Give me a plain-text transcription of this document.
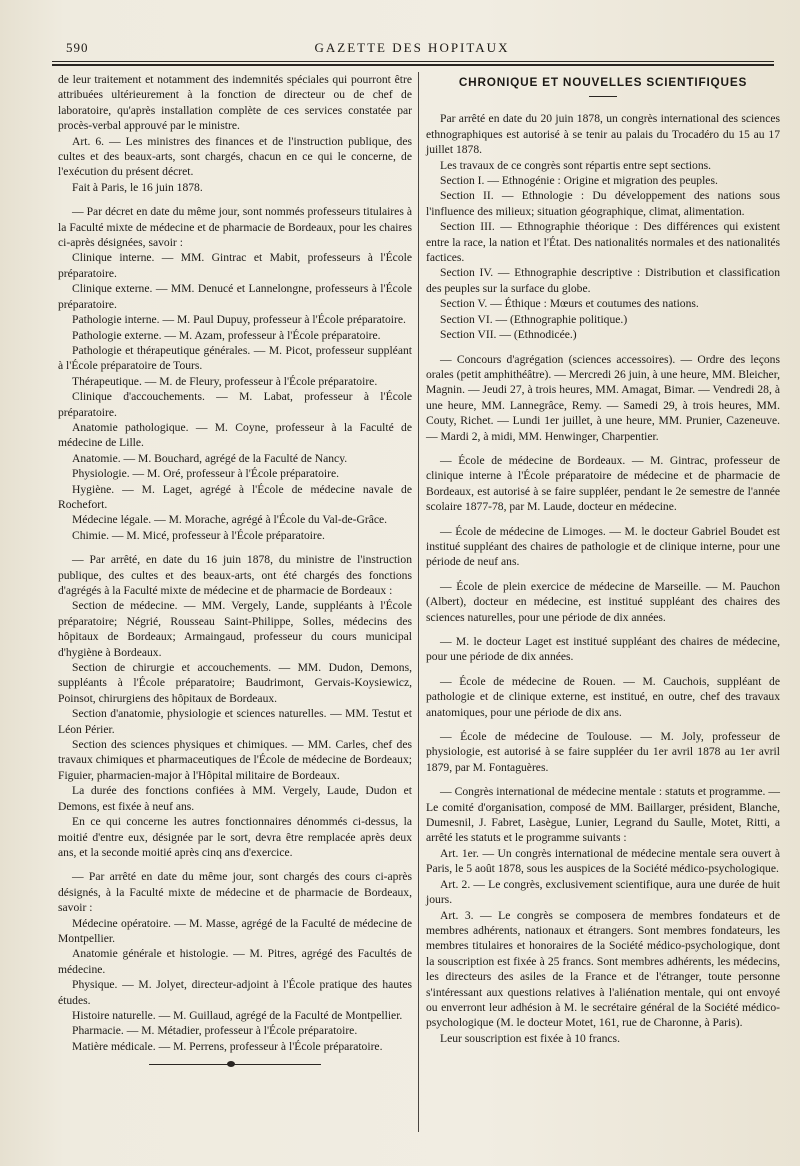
590	GAZETTE DES HOPITAUX

de leur traitement et notamment des indemnités spéciales qui pourront être attribuées ultérieurement à la fonction de directeur ou de chef de laboratoire, qu'après installation complète de ces services constatée par procès-verbal approuvé par le ministre.

Art. 6. — Les ministres des finances et de l'instruction publique, des cultes et des beaux-arts, sont chargés, chacun en ce qui le concerne, de l'exécution du présent décret.

Fait à Paris, le 16 juin 1878.

— Par décret en date du même jour, sont nommés professeurs titulaires à la Faculté mixte de médecine et de pharmacie de Bordeaux, pour les chaires ci-après désignées, savoir :

Clinique interne. — MM. Gintrac et Mabit, professeurs à l'École préparatoire.

Clinique externe. — MM. Denucé et Lannelongne, professeurs à l'École préparatoire.

Pathologie interne. — M. Paul Dupuy, professeur à l'École préparatoire.

Pathologie externe. — M. Azam, professeur à l'École préparatoire.

Pathologie et thérapeutique générales. — M. Picot, professeur suppléant à l'École préparatoire de Tours.

Thérapeutique. — M. de Fleury, professeur à l'École préparatoire.

Clinique d'accouchements. — M. Labat, professeur à l'École préparatoire.

Anatomie pathologique. — M. Coyne, professeur à la Faculté de médecine de Lille.

Anatomie. — M. Bouchard, agrégé de la Faculté de Nancy.

Physiologie. — M. Oré, professeur à l'École préparatoire.

Hygiène. — M. Laget, agrégé à l'École de médecine navale de Rochefort.

Médecine légale. — M. Morache, agrégé à l'École du Val-de-Grâce.

Chimie. — M. Micé, professeur à l'École préparatoire.

— Par arrêté, en date du 16 juin 1878, du ministre de l'instruction publique, des cultes et des beaux-arts, ont été chargés des fonctions d'agrégés à la Faculté mixte de médecine et de pharmacie de Bordeaux :

Section de médecine. — MM. Vergely, Lande, suppléants à l'École préparatoire; Négrié, Rousseau Saint-Philippe, Solles, médecins des hôpitaux de Bordeaux; Armaingaud, professeur du cours municipal d'hygiène à Bordeaux.

Section de chirurgie et accouchements. — MM. Dudon, Demons, suppléants à l'École préparatoire; Baudrimont, Gervais-Koysiewicz, Poinsot, chirurgiens des hôpitaux de Bordeaux.

Section d'anatomie, physiologie et sciences naturelles. — MM. Testut et Léon Périer.

Section des sciences physiques et chimiques. — MM. Carles, chef des travaux chimiques et pharmaceutiques de l'École de médecine de Bordeaux; Figuier, pharmacien-major à l'Hôpital militaire de Bordeaux.

La durée des fonctions confiées à MM. Vergely, Laude, Dudon et Demons, est fixée à neuf ans.

En ce qui concerne les autres fonctionnaires dénommés ci-dessus, la moitié d'entre eux, désignée par le sort, devra être remplacée après deux ans, et la seconde moitié après cinq ans d'exercice.

— Par arrêté en date du même jour, sont chargés des cours ci-après désignés, à la Faculté mixte de médecine et de pharmacie de Bordeaux, savoir :

Médecine opératoire. — M. Masse, agrégé de la Faculté de médecine de Montpellier.

Anatomie générale et histologie. — M. Pitres, agrégé des Facultés de médecine.

Physique. — M. Jolyet, directeur-adjoint à l'École pratique des hautes études.

Histoire naturelle. — M. Guillaud, agrégé de la Faculté de Montpellier.

Pharmacie. — M. Métadier, professeur à l'École préparatoire.

Matière médicale. — M. Perrens, professeur à l'École préparatoire.

CHRONIQUE ET NOUVELLES SCIENTIFIQUES

Par arrêté en date du 20 juin 1878, un congrès international des sciences ethnographiques est autorisé à se tenir au palais du Trocadéro du 15 au 17 juillet 1878.

Les travaux de ce congrès sont répartis entre sept sections.

Section I. — Ethnogénie : Origine et migration des peuples.

Section II. — Ethnologie : Du développement des nations sous l'influence des milieux; situation géographique, climat, alimentation.

Section III. — Ethnographie théorique : Des différences qui existent entre la race, la nation et l'État. Des nationalités normales et des nationalités factices.

Section IV. — Ethnographie descriptive : Distribution et classification des peuples sur la surface du globe.

Section V. — Éthique : Mœurs et coutumes des nations.

Section VI. — (Ethnographie politique.)

Section VII. — (Ethnodicée.)

— Concours d'agrégation (sciences accessoires). — Ordre des leçons orales (petit amphithéâtre). — Mercredi 26 juin, à une heure, MM. Bleicher, Magnin. — Jeudi 27, à trois heures, MM. Amagat, Bimar. — Vendredi 28, à une heure, MM. Lannegrâce, Remy. — Samedi 29, à trois heures, MM. Couty, Richet. — Lundi 1er juillet, à une heure, MM. Prunier, Cazeneuve. — Mardi 2, à midi, MM. Henwinger, Charpentier.

— École de médecine de Bordeaux. — M. Gintrac, professeur de clinique interne à l'École préparatoire de médecine et de pharmacie de Bordeaux, est autorisé à se faire suppléer, pendant le 2e semestre de l'année scolaire 1877-78, par M. Laude, docteur en médecine.

— École de médecine de Limoges. — M. le docteur Gabriel Boudet est institué suppléant des chaires de pathologie et de clinique interne, pour une période de neuf ans.

— École de plein exercice de médecine de Marseille. — M. Pauchon (Albert), docteur en médecine, est institué suppléant des chaires des sciences naturelles, pour une période de dix années.

— M. le docteur Laget est institué suppléant des chaires de médecine, pour une période de dix années.

— École de médecine de Rouen. — M. Cauchois, suppléant de pathologie et de clinique externe, est institué, en outre, chef des travaux anatomiques, pour une période de dix ans.

— École de médecine de Toulouse. — M. Joly, professeur de physiologie, est autorisé à se faire suppléer du 1er avril 1878 au 1er avril 1879, par M. Fontaguères.

— Congrès international de médecine mentale : statuts et programme. — Le comité d'organisation, composé de MM. Baillarger, président, Blanche, Dumesnil, J. Fabret, Lasègue, Lunier, Legrand du Saulle, Motet, Ritti, a arrêté les statuts et le programme suivants :

Art. 1er. — Un congrès international de médecine mentale sera ouvert à Paris, le 5 août 1878, sous les auspices de la Société médico-psychologique.

Art. 2. — Le congrès, exclusivement scientifique, aura une durée de huit jours.

Art. 3. — Le congrès se composera de membres fondateurs et de membres adhérents, nationaux et étrangers. Sont membres fondateurs, les membres titulaires et honoraires de la Société médico-psychologique, dont la souscription est fixée à 25 francs. Sont membres adhérents, les médecins, les directeurs des asiles de la France et de l'étranger, toute personne s'intéressant aux questions relatives à l'aliénation mentale, qui ont envoyé ou enverront leur adhésion à M. le secrétaire général de la Société médico-psychologique (M. le docteur Motet, 161, rue de Charonne, à Paris).

Leur souscription est fixée à 10 francs.
